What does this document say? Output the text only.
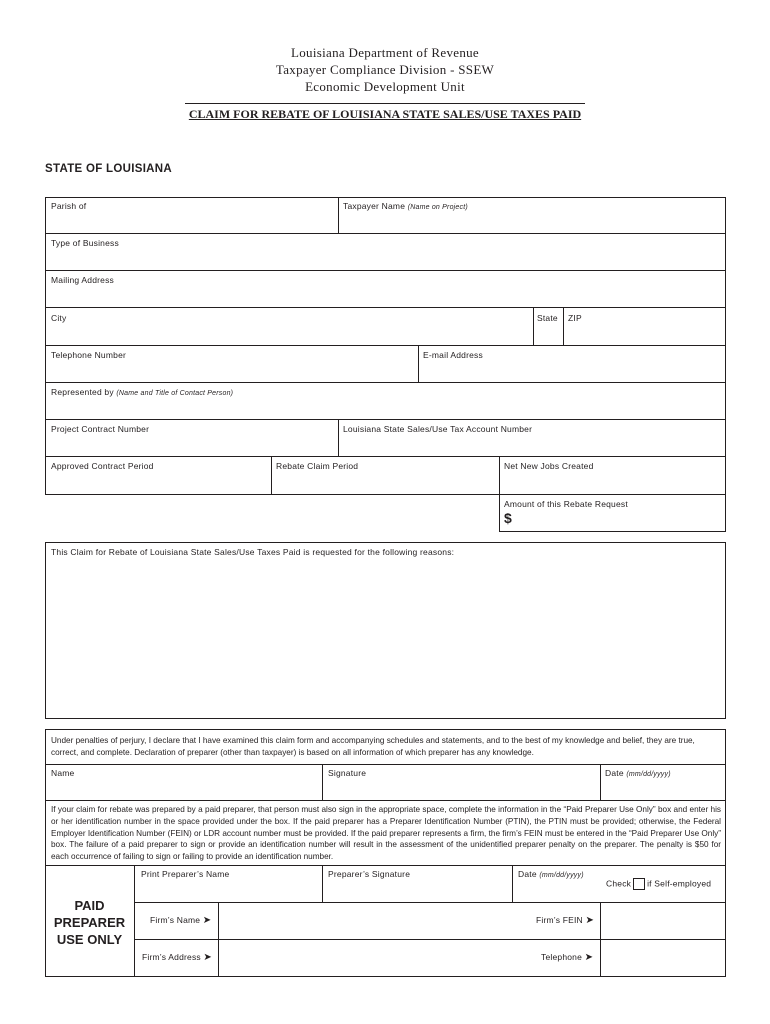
Louisiana Department of Revenue
Taxpayer Compliance Division - SSEW
Economic Development Unit
CLAIM FOR REBATE OF LOUISIANA STATE SALES/USE TAXES PAID
STATE OF LOUISIANA
Parish of	Taxpayer Name (Name on Project)
Type of Business
Mailing Address
City	State ZIP
Telephone Number	E-mail Address
Represented by (Name and Title of Contact Person)
Project Contract Number	Louisiana State Sales/Use Tax Account Number
Approved Contract Period	Rebate Claim Period	Net New Jobs Created
Amount of this Rebate Request
$
This Claim for Rebate of Louisiana State Sales/Use Taxes Paid is requested for the following reasons:
Under penalties of perjury, I declare that I have examined this claim form and accompanying schedules and statements, and to the best of my knowledge and belief, they are true, correct, and complete. Declaration of preparer (other than taxpayer) is based on all information of which preparer has any knowledge.
Name	Signature	Date (mm/dd/yyyy)
If your claim for rebate was prepared by a paid preparer, that person must also sign in the appropriate space, complete the information in the “Paid Preparer Use Only” box and enter his or her identification number in the space provided under the box. If the paid preparer has a Preparer Identification Number (PTIN), the PTIN must be provided; otherwise, the Federal Employer Identification Number (FEIN) or LDR account number must be provided. If the paid preparer represents a firm, the firm’s FEIN must be entered in the “Paid Preparer Use Only” box. The failure of a paid preparer to sign or provide an identification number will result in the assessment of the unidentified preparer penalty on the preparer. The penalty is $50 for each occurrence of failing to sign or failing to provide an identification number.
PAID
PREPARER
USE ONLY
Print Preparer’s Name	Preparer’s Signature	Date (mm/dd/yyyy)
Check if Self-employed
Firm’s Name ➤	Firm’s FEIN ➤
Firm’s Address ➤	Telephone ➤
